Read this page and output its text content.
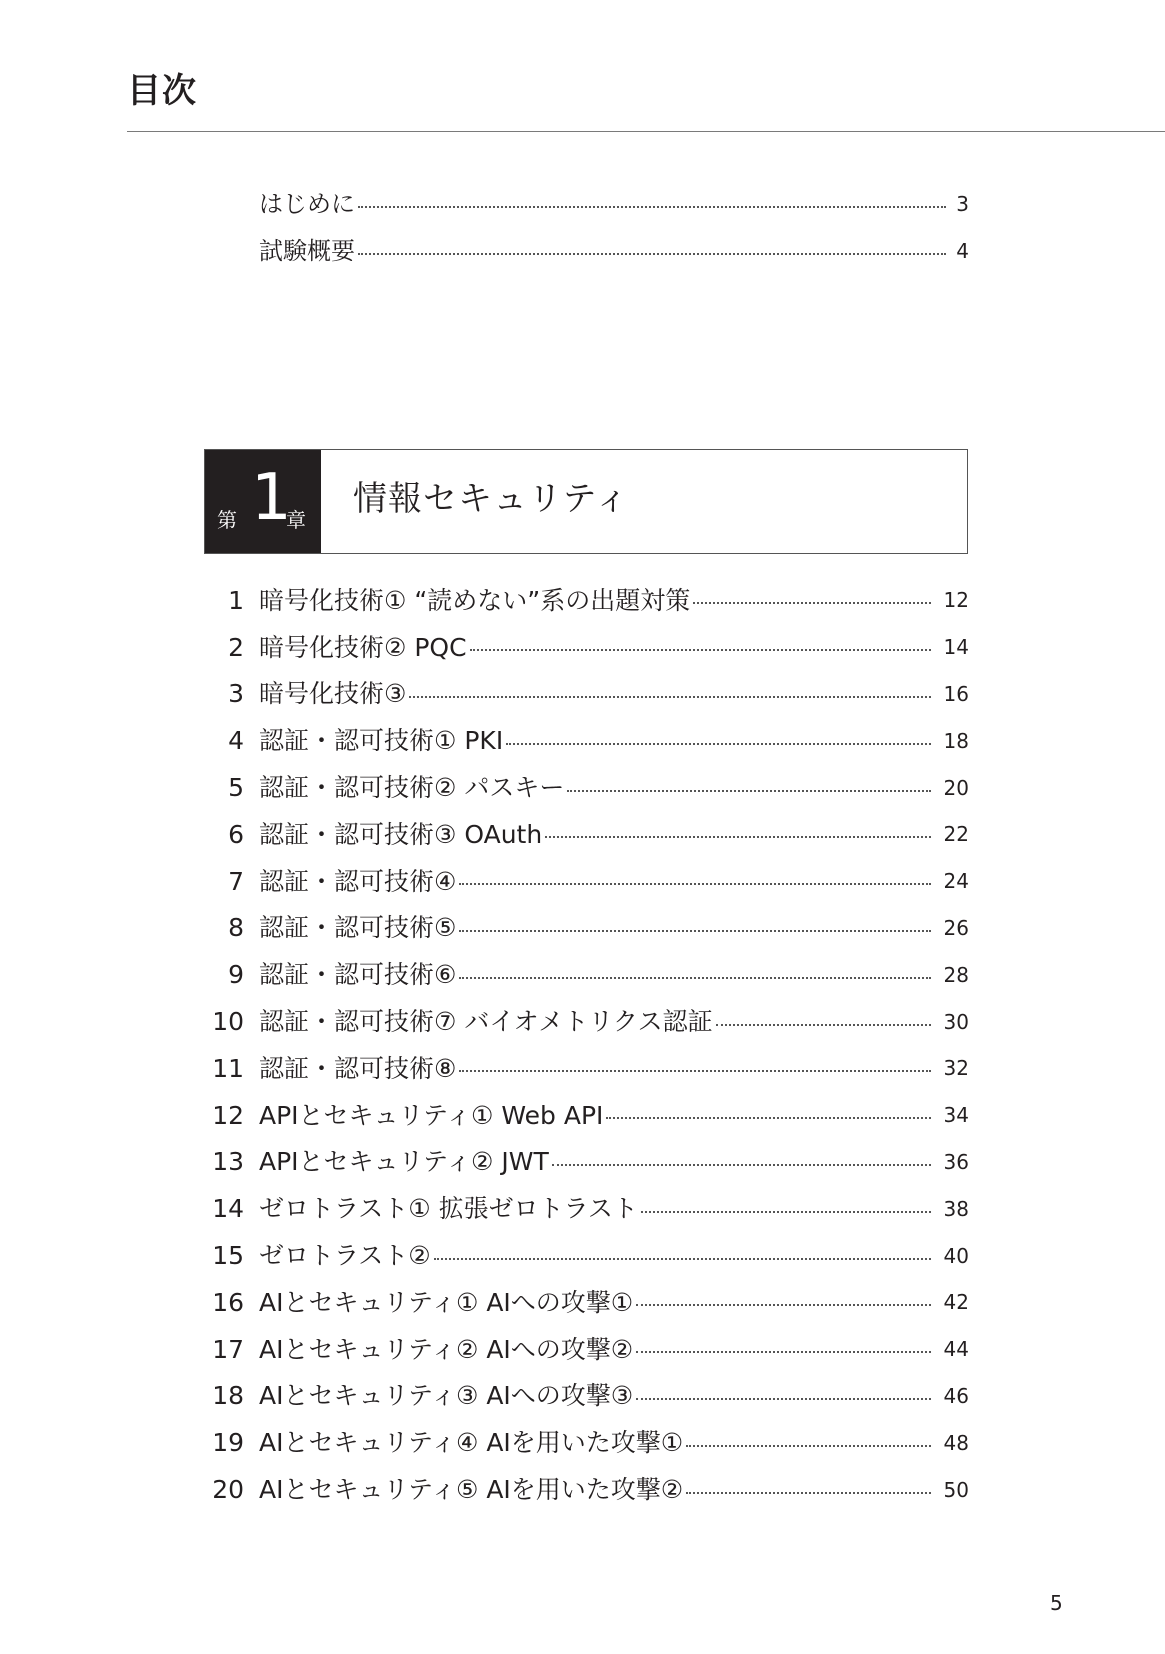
目次
はじめに	3
試験概要	4
第 1
章
情報セキュリティ
1 暗号化技術① “読めない”系の出題対策	12
2 暗号化技術② PQC	14
3 暗号化技術③	16
4 認証・認可技術① PKI	18
5 認証・認可技術② パスキー	20
6 認証・認可技術③ OAuth	22
7 認証・認可技術④	24
8 認証・認可技術⑤	26
9 認証・認可技術⑥	28
10 認証・認可技術⑦ バイオメトリクス認証	30
11 認証・認可技術⑧	32
12 APIとセキュリティ① Web API	34
13 APIとセキュリティ② JWT	36
14 ゼロトラスト① 拡張ゼロトラスト	38
15 ゼロトラスト②	40
16 AIとセキュリティ① AIへの攻撃①	42
17 AIとセキュリティ② AIへの攻撃②	44
18 AIとセキュリティ③ AIへの攻撃③	46
19 AIとセキュリティ④ AIを用いた攻撃①	48
20 AIとセキュリティ⑤ AIを用いた攻撃②	50
5
